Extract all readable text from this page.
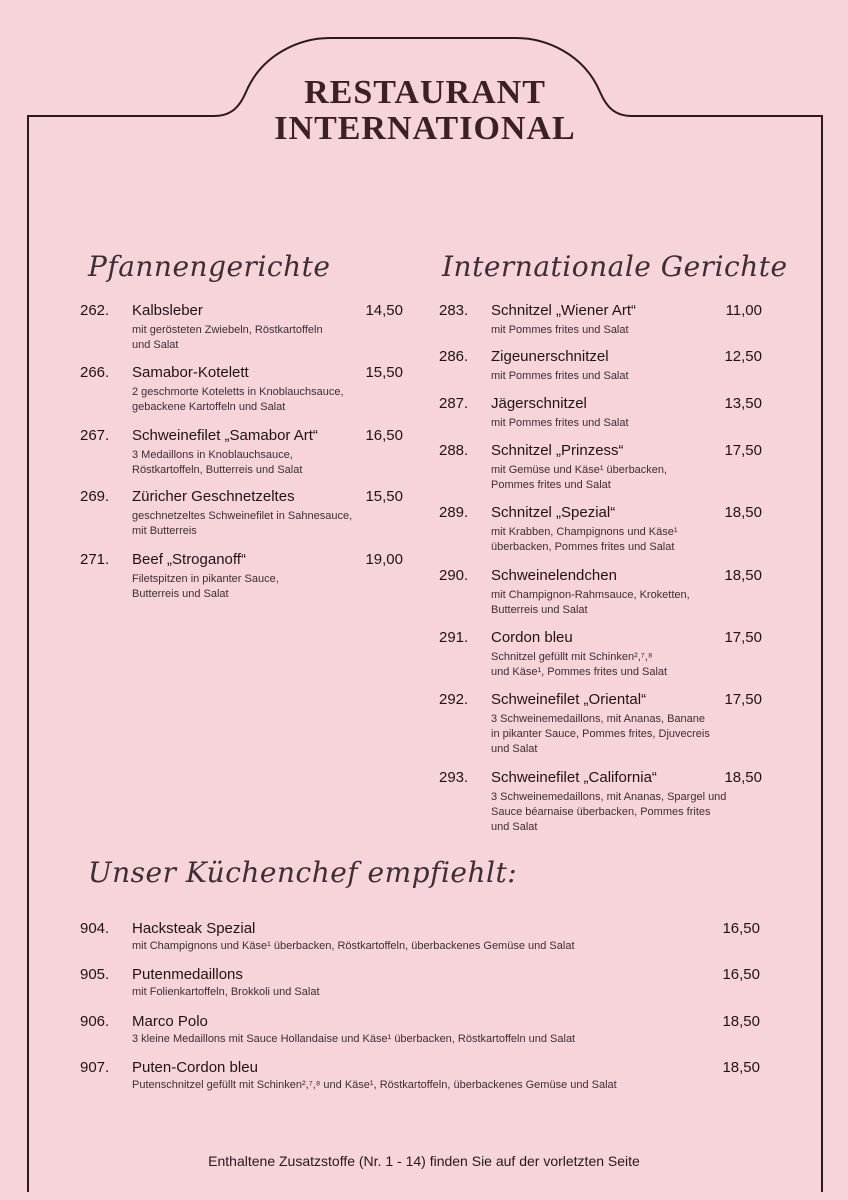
RESTAURANT
INTERNATIONAL
Pfannengerichte	Internationale Gerichte
Unser Küchenchef empfiehlt:
262. Kalbsleber	14,50
mit gerösteten Zwiebeln, Röstkartoffeln
und Salat
266. Samabor-Kotelett	15,50
2 geschmorte Koteletts in Knoblauchsauce,
gebackene Kartoffeln und Salat
267. Schweinefilet „Samabor Art“	16,50
3 Medaillons in Knoblauchsauce,
Röstkartoffeln, Butterreis und Salat
269. Züricher Geschnetzeltes	15,50
geschnetzeltes Schweinefilet in Sahnesauce,
mit Butterreis
271. Beef „Stroganoff“	19,00
Filetspitzen in pikanter Sauce,
Butterreis und Salat
283. Schnitzel „Wiener Art“	11,00
mit Pommes frites und Salat
286. Zigeunerschnitzel	12,50
mit Pommes frites und Salat
287. Jägerschnitzel	13,50
mit Pommes frites und Salat
288. Schnitzel „Prinzess“	17,50
mit Gemüse und Käse¹ überbacken,
Pommes frites und Salat
289. Schnitzel „Spezial“	18,50
mit Krabben, Champignons und Käse¹
überbacken, Pommes frites und Salat
290. Schweinelendchen	18,50
mit Champignon-Rahmsauce, Kroketten,
Butterreis und Salat
291. Cordon bleu	17,50
Schnitzel gefüllt mit Schinken²,⁷,⁸
und Käse¹, Pommes frites und Salat
292. Schweinefilet „Oriental“	17,50
3 Schweinemedaillons, mit Ananas, Banane
in pikanter Sauce, Pommes frites, Djuvecreis
und Salat
293. Schweinefilet „California“	18,50
3 Schweinemedaillons, mit Ananas, Spargel und
Sauce béarnaise überbacken, Pommes frites
und Salat
904. Hacksteak Spezial	16,50
mit Champignons und Käse¹ überbacken, Röstkartoffeln, überbackenes Gemüse und Salat
905. Putenmedaillons	16,50
mit Folienkartoffeln, Brokkoli und Salat
906. Marco Polo	18,50
3 kleine Medaillons mit Sauce Hollandaise und Käse¹ überbacken, Röstkartoffeln und Salat
907. Puten-Cordon bleu	18,50
Putenschnitzel gefüllt mit Schinken²,⁷,⁸ und Käse¹, Röstkartoffeln, überbackenes Gemüse und Salat
Enthaltene Zusatzstoffe (Nr. 1 - 14) finden Sie auf der vorletzten Seite
